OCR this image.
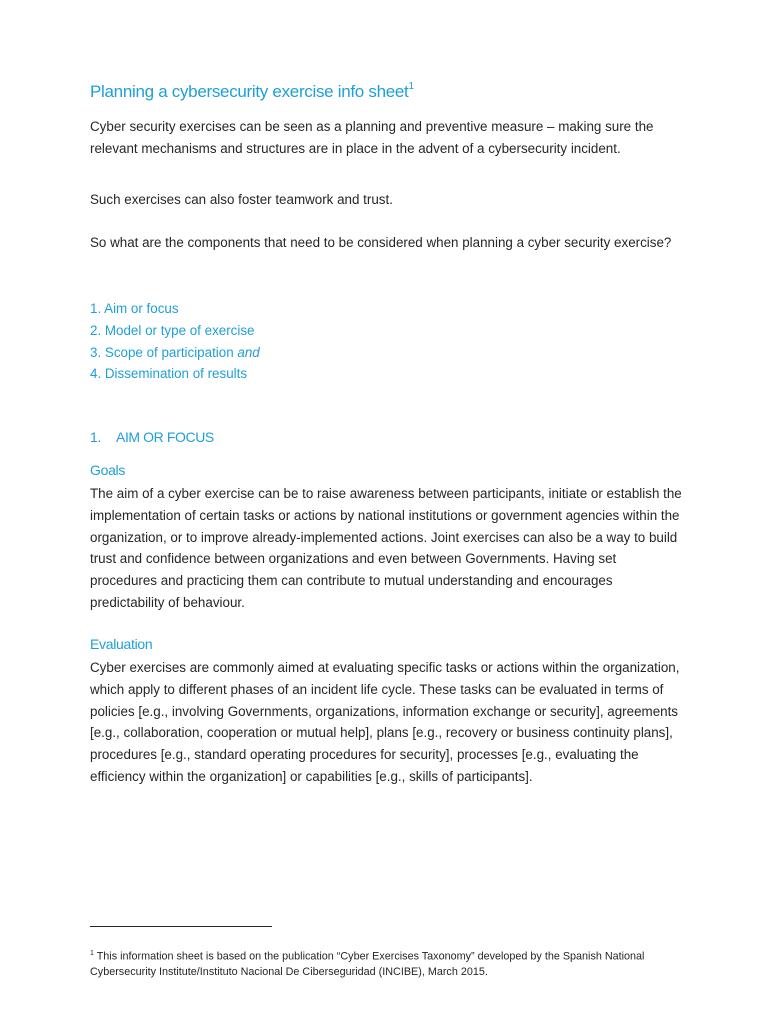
Planning a cybersecurity exercise info sheet$^1$

Cyber security exercises can be seen as a planning and preventive measure – making sure the relevant mechanisms and structures are in place in the advent of a cybersecurity incident.

Such exercises can also foster teamwork and trust.

So what are the components that need to be considered when planning a cyber security exercise?

1. Aim or focus
2. Model or type of exercise
3. Scope of participation and
4. Dissemination of results
1. AIM OR FOCUS
Goals

The aim of a cyber exercise can be to raise awareness between participants, initiate or establish the implementation of certain tasks or actions by national institutions or government agencies within the organization, or to improve already-implemented actions. Joint exercises can also be a way to build trust and confidence between organizations and even between Governments. Having set procedures and practicing them can contribute to mutual understanding and encourages predictability of behaviour.

Evaluation

Cyber exercises are commonly aimed at evaluating specific tasks or actions within the organization, which apply to different phases of an incident life cycle. These tasks can be evaluated in terms of policies [e.g., involving Governments, organizations, information exchange or security], agreements [e.g., collaboration, cooperation or mutual help], plans [e.g., recovery or business continuity plans], procedures [e.g., standard operating procedures for security], processes [e.g., evaluating the efficiency within the organization] or capabilities [e.g., skills of participants].

$^1$ This information sheet is based on the publication “Cyber Exercises Taxonomy” developed by the Spanish National Cybersecurity Institute/Instituto Nacional De Ciberseguridad (INCIBE), March 2015.
